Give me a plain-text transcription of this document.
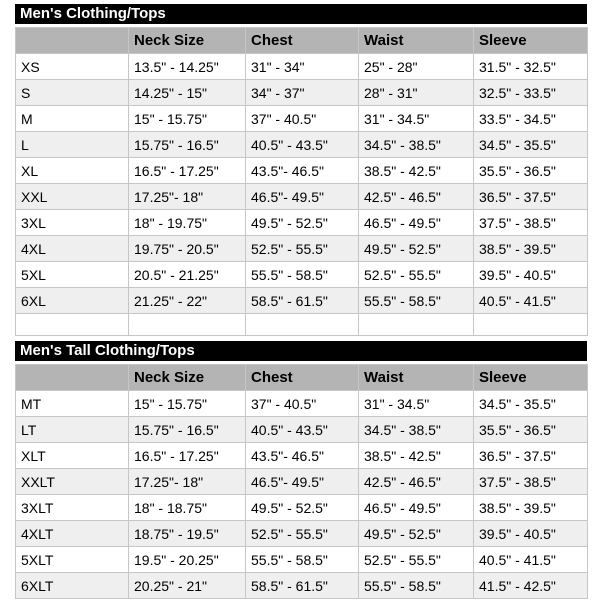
Men's Clothing/Tops
	Neck Size	Chest	Waist	Sleeve
XS	13.5" - 14.25"	31" - 34"	25" - 28"	31.5" - 32.5"
S	14.25" - 15"	34" - 37"	28" - 31"	32.5" - 33.5"
M	15" - 15.75"	37" - 40.5"	31" - 34.5"	33.5" - 34.5"
L	15.75" - 16.5"	40.5" - 43.5"	34.5" - 38.5"	34.5" - 35.5"
XL	16.5" - 17.25"	43.5"- 46.5"	38.5" - 42.5"	35.5" - 36.5"
XXL	17.25"- 18"	46.5"- 49.5"	42.5" - 46.5"	36.5" - 37.5"
3XL	18" - 19.75"	49.5" - 52.5"	46.5" - 49.5"	37.5" - 38.5"
4XL	19.75" - 20.5"	52.5" - 55.5"	49.5" - 52.5"	38.5" - 39.5"
5XL	20.5" - 21.25"	55.5" - 58.5"	52.5" - 55.5"	39.5" - 40.5"
6XL	21.25" - 22"	58.5" - 61.5"	55.5" - 58.5"	40.5" - 41.5"

Men's Tall Clothing/Tops
	Neck Size	Chest	Waist	Sleeve
MT	15" - 15.75"	37" - 40.5"	31" - 34.5"	34.5" - 35.5"
LT	15.75" - 16.5"	40.5" - 43.5"	34.5" - 38.5"	35.5" - 36.5"
XLT	16.5" - 17.25"	43.5"- 46.5"	38.5" - 42.5"	36.5" - 37.5"
XXLT	17.25"- 18"	46.5"- 49.5"	42.5" - 46.5"	37.5" - 38.5"
3XLT	18" - 18.75"	49.5" - 52.5"	46.5" - 49.5"	38.5" - 39.5"
4XLT	18.75" - 19.5"	52.5" - 55.5"	49.5" - 52.5"	39.5" - 40.5"
5XLT	19.5" - 20.25"	55.5" - 58.5"	52.5" - 55.5"	40.5" - 41.5"
6XLT	20.25" - 21"	58.5" - 61.5"	55.5" - 58.5"	41.5" - 42.5"
